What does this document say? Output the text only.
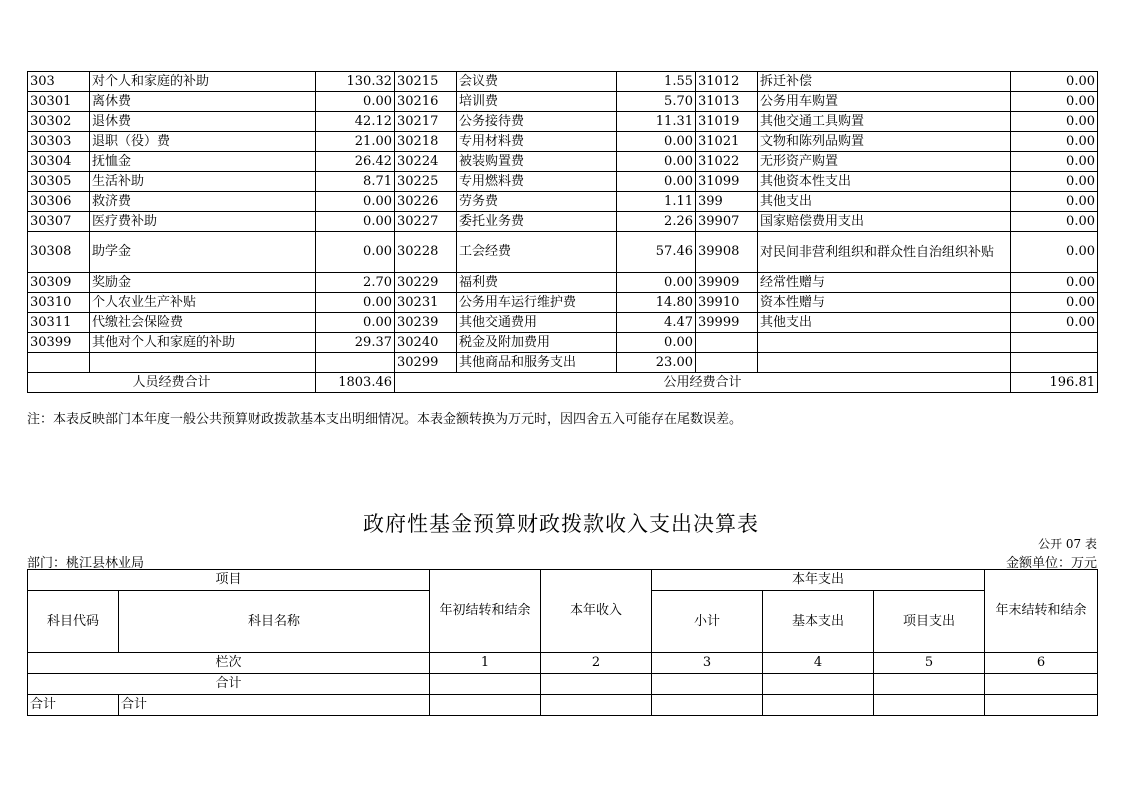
303	对个人和家庭的补助	130.32	30215	会议费	1.55	31012	拆迁补偿	0.00
30301	离休费	0.00	30216	培训费	5.70	31013	公务用车购置	0.00
30302	退休费	42.12	30217	公务接待费	11.31	31019	其他交通工具购置	0.00
30303	退职（役）费	21.00	30218	专用材料费	0.00	31021	文物和陈列品购置	0.00
30304	抚恤金	26.42	30224	被装购置费	0.00	31022	无形资产购置	0.00
30305	生活补助	8.71	30225	专用燃料费	0.00	31099	其他资本性支出	0.00
30306	救济费	0.00	30226	劳务费	1.11	399	其他支出	0.00
30307	医疗费补助	0.00	30227	委托业务费	2.26	39907	国家赔偿费用支出	0.00
30308	助学金	0.00	30228	工会经费	57.46	39908	对民间非营利组织和群众性自治组织补贴	0.00
30309	奖励金	2.70	30229	福利费	0.00	39909	经常性赠与	0.00
30310	个人农业生产补贴	0.00	30231	公务用车运行维护费	14.80	39910	资本性赠与	0.00
30311	代缴社会保险费	0.00	30239	其他交通费用	4.47	39999	其他支出	0.00
30399	其他对个人和家庭的补助	29.37	30240	税金及附加费用	0.00			
			30299	其他商品和服务支出	23.00			
人员经费合计		1803.46	公用经费合计					196.81
注：本表反映部门本年度一般公共预算财政拨款基本支出明细情况。本表金额转换为万元时，因四舍五入可能存在尾数误差。
政府性基金预算财政拨款收入支出决算表
公开 07 表
部门：桃江县林业局	金额单位：万元
项目		年初结转和结余	本年收入	本年支出			年末结转和结余
科目代码	科目名称			小计	基本支出	项目支出	
栏次		1	2	3	4	5	6
合计							
合计	合计						
